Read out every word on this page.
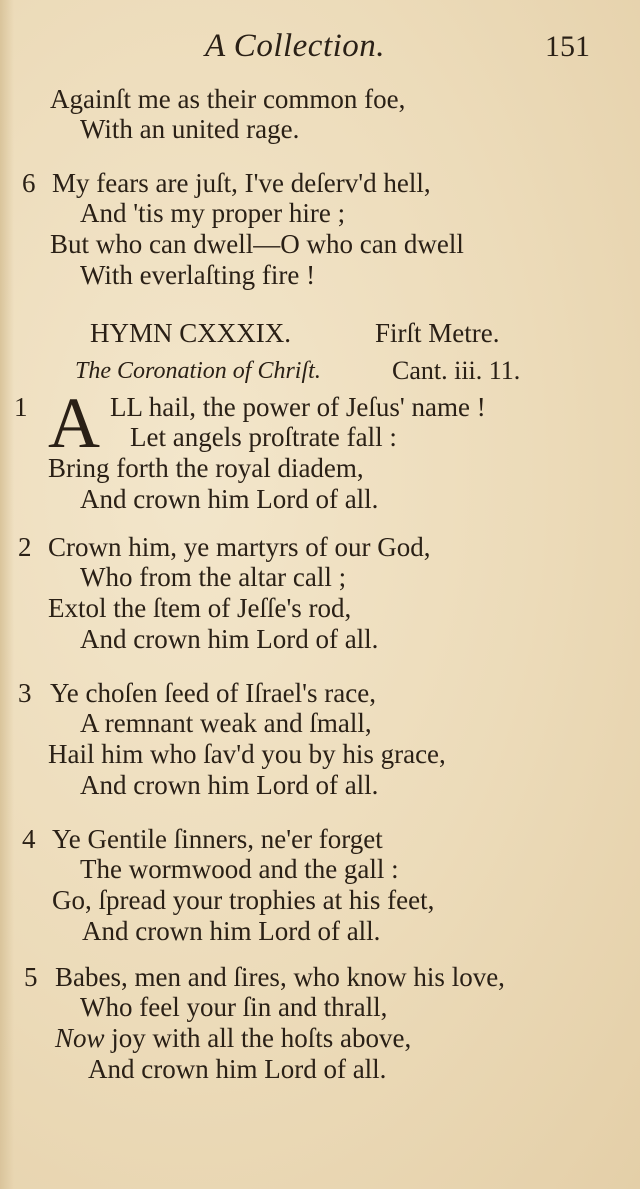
A Collection.	151
Againſt me as their common foe,
With an united rage.
6 My fears are juſt, I've deſerv'd hell,
And 'tis my proper hire ;
But who can dwell—O who can dwell
With everlaſting fire !
HYMN CXXXIX.	Firſt Metre.
The Coronation of Chriſt.	Cant. iii. 11.
1 A LL hail, the power of Jeſus' name !
Let angels proſtrate fall :
Bring forth the royal diadem,
And crown him Lord of all.
2 Crown him, ye martyrs of our God,
Who from the altar call ;
Extol the ſtem of Jeſſe's rod,
And crown him Lord of all.
3 Ye choſen ſeed of Iſrael's race,
A remnant weak and ſmall,
Hail him who ſav'd you by his grace,
And crown him Lord of all.
4 Ye Gentile ſinners, ne'er forget
The wormwood and the gall :
Go, ſpread your trophies at his feet,
And crown him Lord of all.
5 Babes, men and ſires, who know his love,
Who feel your ſin and thrall,
Now joy with all the hoſts above,
And crown him Lord of all.
